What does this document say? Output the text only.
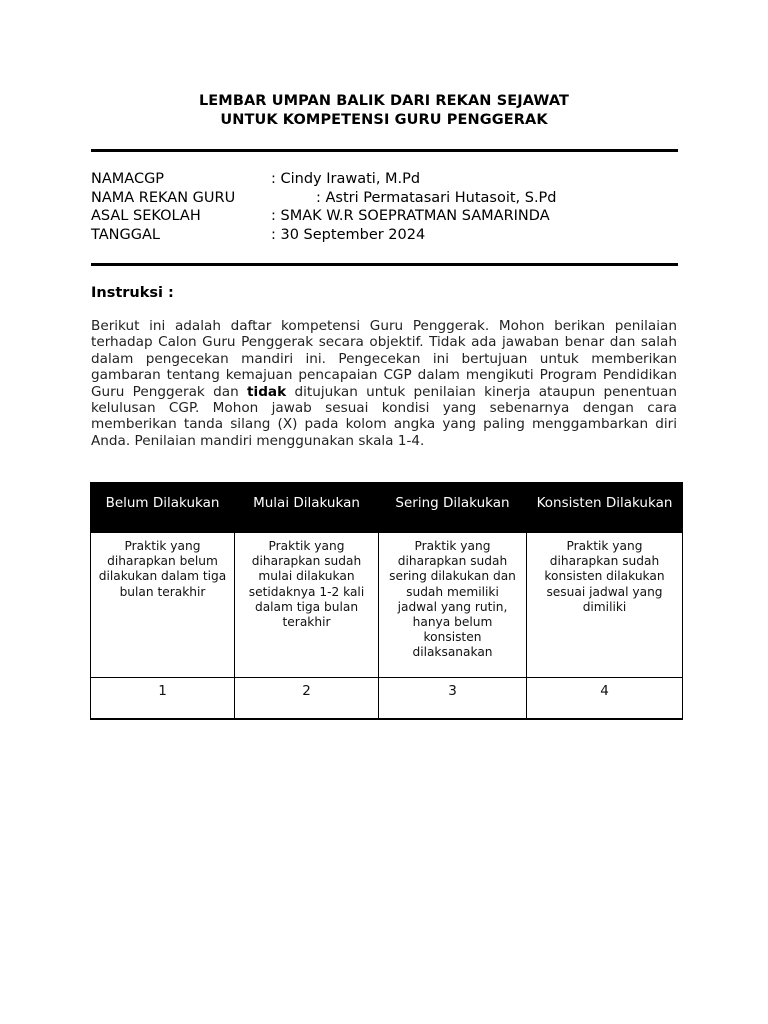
LEMBAR UMPAN BALIK DARI REKAN SEJAWAT
UNTUK KOMPETENSI GURU PENGGERAK
NAMACGP	: Cindy Irawati, M.Pd
NAMA REKAN GURU	: Astri Permatasari Hutasoit, S.Pd
ASAL SEKOLAH	: SMAK W.R SOEPRATMAN SAMARINDA
TANGGAL	: 30 September 2024
Instruksi :
Berikut ini adalah daftar kompetensi Guru Penggerak. Mohon berikan penilaian terhadap Calon Guru Penggerak secara objektif. Tidak ada jawaban benar dan salah dalam pengecekan mandiri ini. Pengecekan ini bertujuan untuk memberikan gambaran tentang kemajuan pencapaian CGP dalam mengikuti Program Pendidikan Guru Penggerak dan tidak ditujukan untuk penilaian kinerja ataupun penentuan kelulusan CGP. Mohon jawab sesuai kondisi yang sebenarnya dengan cara memberikan tanda silang (X) pada kolom angka yang paling menggambarkan diri Anda. Penilaian mandiri menggunakan skala 1-4.
Belum Dilakukan	Mulai Dilakukan	Sering Dilakukan	Konsisten Dilakukan
Praktik yang diharapkan belum dilakukan dalam tiga bulan terakhir	Praktik yang diharapkan sudah mulai dilakukan setidaknya 1-2 kali dalam tiga bulan terakhir	Praktik yang diharapkan sudah sering dilakukan dan sudah memiliki jadwal yang rutin, hanya belum konsisten dilaksanakan	Praktik yang diharapkan sudah konsisten dilakukan sesuai jadwal yang dimiliki
1	2	3	4
